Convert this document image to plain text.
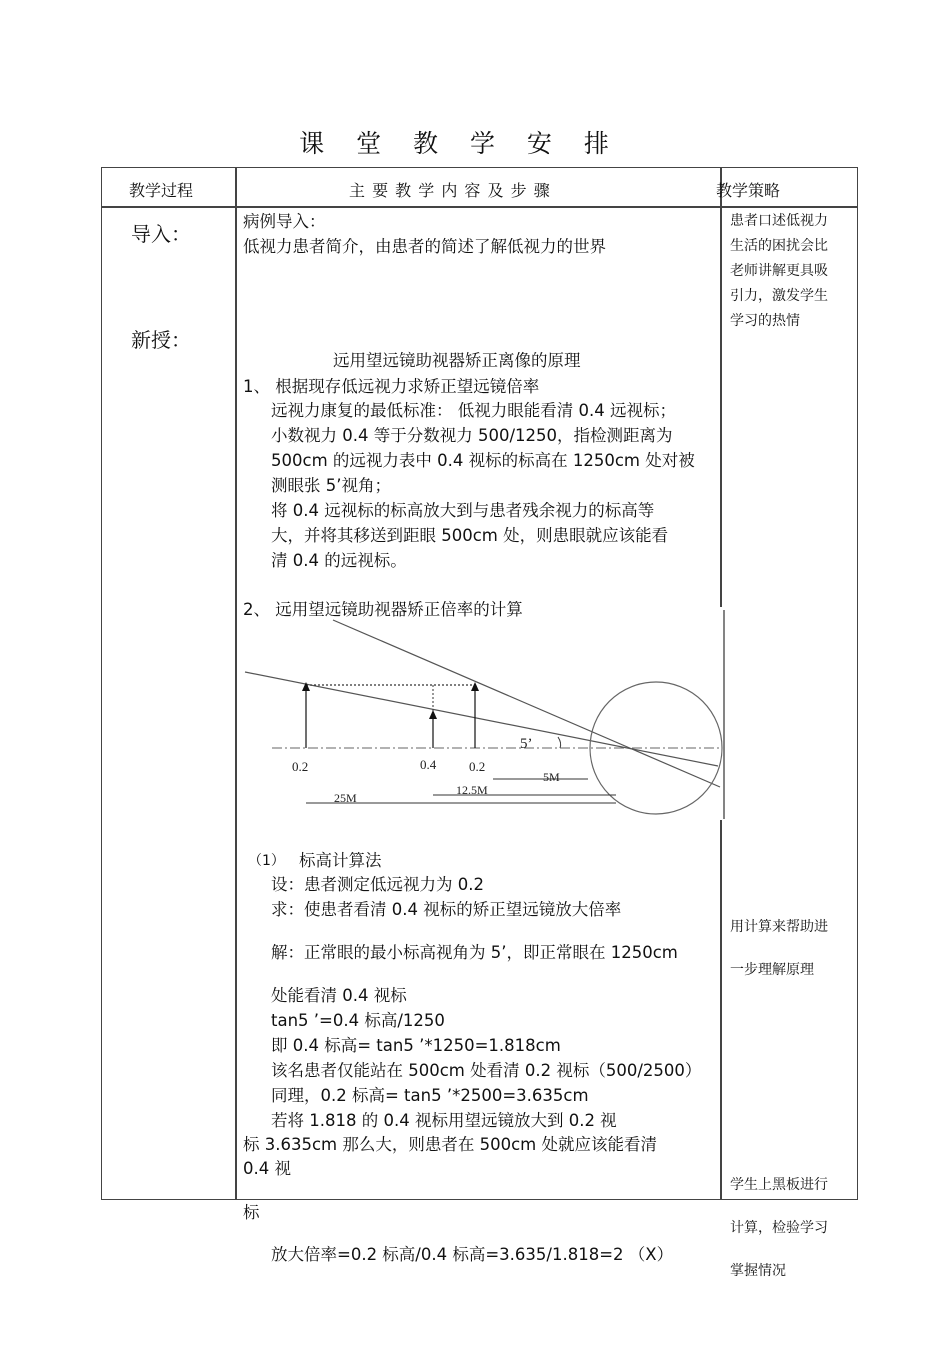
课 堂 教 学 安 排
教学过程	主 要 教 学 内 容 及 步 骤	教学策略
导入：
新授：
病例导入：
低视力患者简介，由患者的简述了解低视力的世界
远用望远镜助视器矫正离像的原理
1、 根据现存低远视力求矫正望远镜倍率
远视力康复的最低标准： 低视力眼能看清 0.4 远视标；
小数视力 0.4 等于分数视力 500/1250，指检测距离为
500cm 的远视力表中 0.4 视标的标高在 1250cm 处对被
测眼张 5’视角；
将 0.4 远视标的标高放大到与患者残余视力的标高等
大，并将其移送到距眼 500cm 处，则患眼就应该能看
清 0.4 的远视标。
2、 远用望远镜助视器矫正倍率的计算
0.2	0.4	0.2
5M
12.5M
25M
5’
（1） 标高计算法
设：患者测定低远视力为 0.2
求：使患者看清 0.4 视标的矫正望远镜放大倍率
解：正常眼的最小标高视角为 5’，即正常眼在 1250cm
处能看清 0.4 视标
tan5 ’=0.4 标高/1250
即 0.4 标高= tan5 ’*1250=1.818cm
该名患者仅能站在 500cm 处看清 0.2 视标（500/2500）
同理，0.2 标高= tan5 ’*2500=3.635cm
若将 1.818 的 0.4 视标用望远镜放大到 0.2 视
标 3.635cm 那么大，则患者在 500cm 处就应该能看清
0.4 视
标
放大倍率=0.2 标高/0.4 标高=3.635/1.818=2 （X）
患者口述低视力
生活的困扰会比
老师讲解更具吸
引力，激发学生
学习的热情
用计算来帮助进
一步理解原理
学生上黑板进行
计算，检验学习
掌握情况
